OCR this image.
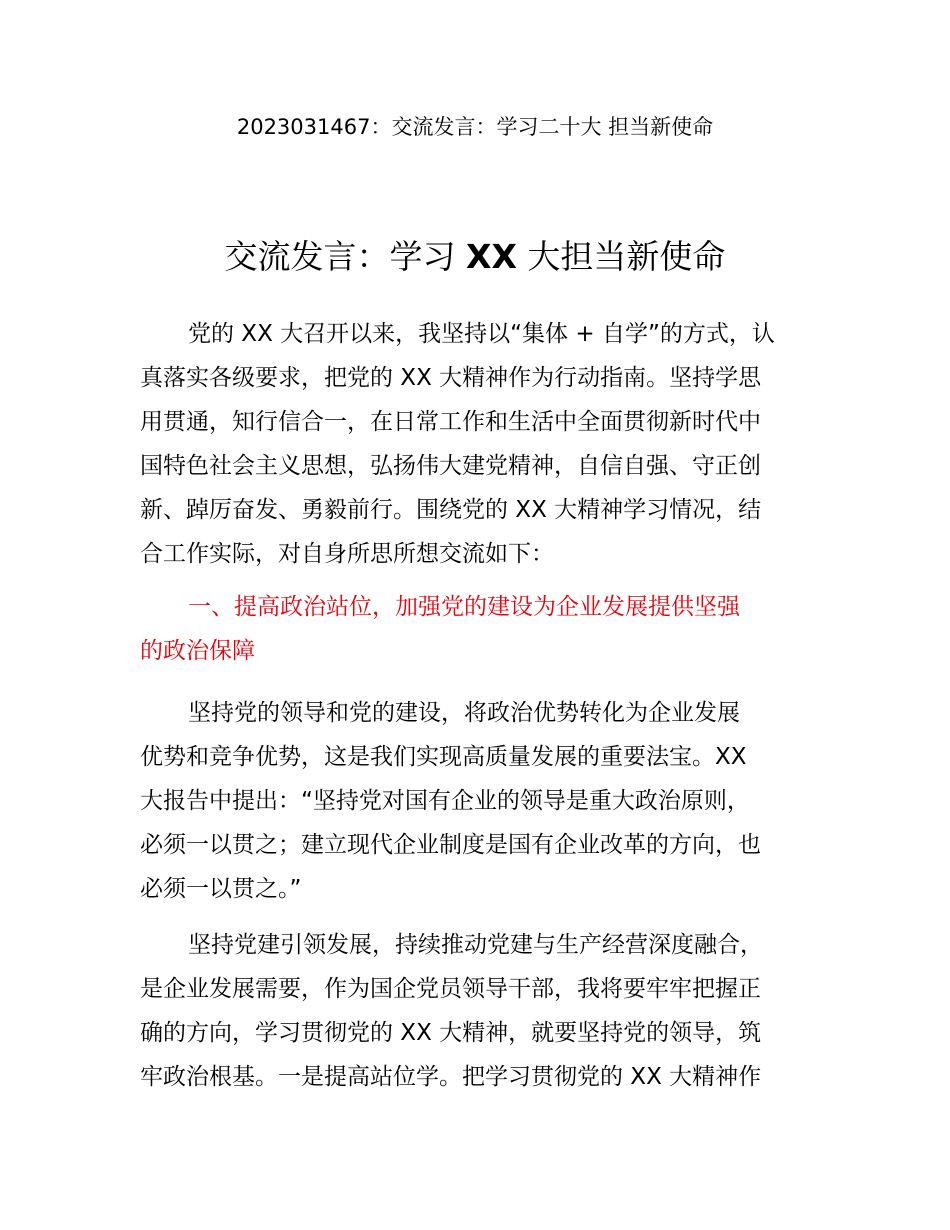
2023031467：交流发言：学习二十大 担当新使命
交流发言：学习 XX 大担当新使命
党的 XX 大召开以来，我坚持以“集体 + 自学”的方式，认
真落实各级要求，把党的 XX 大精神作为行动指南。坚持学思
用贯通，知行信合一，在日常工作和生活中全面贯彻新时代中
国特色社会主义思想，弘扬伟大建党精神，自信自强、守正创
新、踔厉奋发、勇毅前行。围绕党的 XX 大精神学习情况，结
合工作实际，对自身所思所想交流如下：
一、提高政治站位，加强党的建设为企业发展提供坚强
的政治保障
坚持党的领导和党的建设，将政治优势转化为企业发展
优势和竞争优势，这是我们实现高质量发展的重要法宝。XX
大报告中提出：“坚持党对国有企业的领导是重大政治原则，
必须一以贯之；建立现代企业制度是国有企业改革的方向，也
必须一以贯之。”
坚持党建引领发展，持续推动党建与生产经营深度融合，
是企业发展需要，作为国企党员领导干部，我将要牢牢把握正
确的方向，学习贯彻党的 XX 大精神，就要坚持党的领导，筑
牢政治根基。一是提高站位学。把学习贯彻党的 XX 大精神作
